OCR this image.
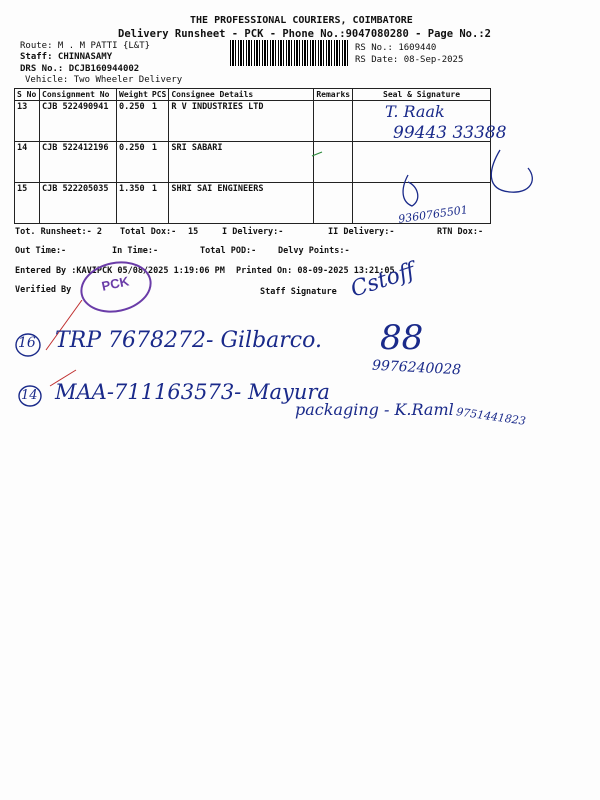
THE PROFESSIONAL COURIERS, COIMBATORE
Delivery Runsheet - PCK - Phone No.:9047080280 - Page No.:2
Route: M . M PATTI {L&T}
Staff: CHINNASAMY
DRS No.: DCJB160944002
Vehicle: Two Wheeler Delivery
RS No.: 1609440
RS Date: 08-Sep-2025
S No	Consignment No	Weight	PCS	Consignee Details	Remarks	Seal & Signature
13	CJB 522490941	0.250	1	R V INDUSTRIES LTD		
14	CJB 522412196	0.250	1	SRI SABARI		
15	CJB 522205035	1.350	1	SHRI SAI ENGINEERS		
Tot. Runsheet:- 2 Total Dox:- 15	I Delivery:-	II Delivery:-	RTN Dox:-
Out Time:-	In Time:-	Total POD:-	Delvy Points:-
Entered By :KAVIPCK 05/08/2025 1:19:06 PM Printed On: 08-09-2025 13:21:05
Verified By	Staff Signature
PCK
T. Raak
99443 33388
9360765501
Cstoff
16 TRP 7678272- Gilbarco. 88
9976240028
14 MAA-711163573- Mayura
packaging - K.Raml 9751441823
